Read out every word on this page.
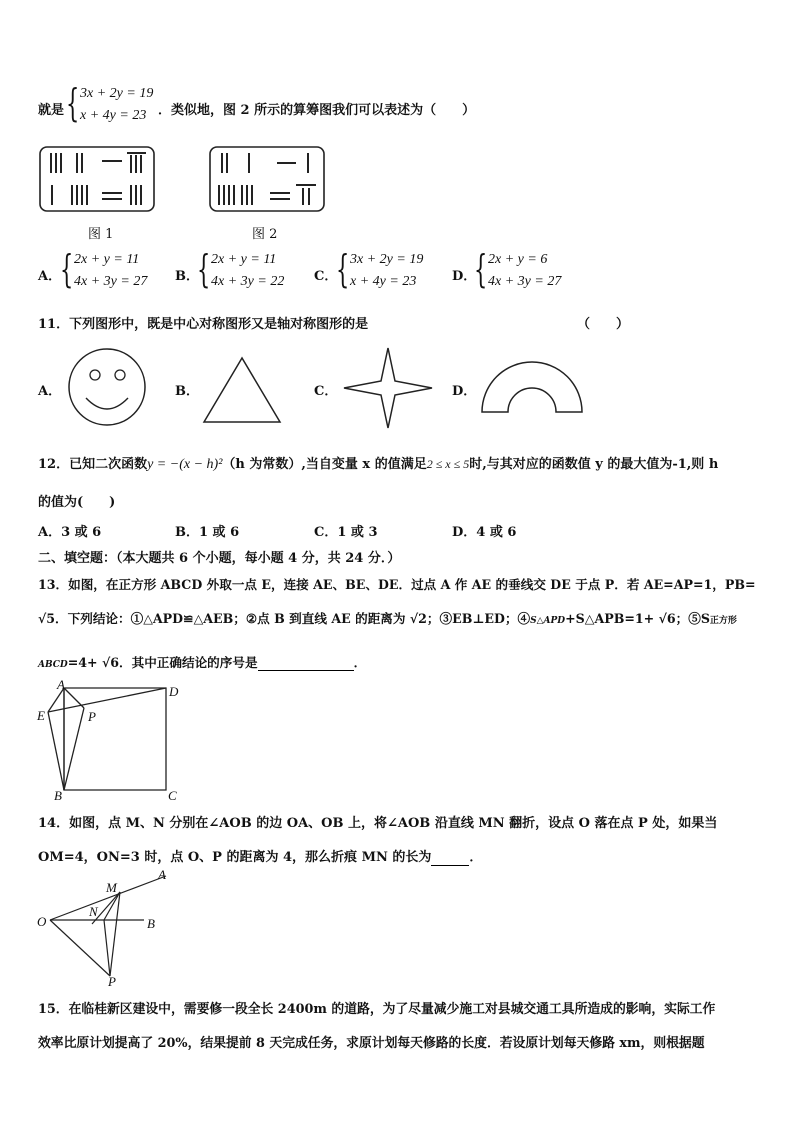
就是 { 3x + 2y = 19
x + 4y = 23 ．类似地，图 2 所示的算筹图我们可以表述为（　　）
图 1	图 2
A．
{ 2x + y = 11
4x + 3y = 27 B．
{ 2x + y = 11
4x + 3y = 22 C．
{ 3x + 2y = 19
x + 4y = 23	D．
{ 2x + y = 6
4x + 3y = 27
11．下列图形中，既是中心对称图形又是轴对称图形的是	（　　）
A．	B．	C．	D．
12．已知二次函数y = −(x − h)²（h 为常数）,当自变量 x 的值满足2 ≤ x ≤ 5时,与其对应的函数值 y 的最大值为-1,则 h
的值为(　　)
A．3 或 6	B．1 或 6	C．1 或 3	D．4 或 6
二、填空题：（本大题共 6 个小题，每小题 4 分，共 24 分．）
13．如图，在正方形 ABCD 外取一点 E，连接 AE、BE、DE．过点 A 作 AE 的垂线交 DE 于点 P．若 AE=AP=1，PB=
√5．下列结论：①△APD≌△AEB；②点 B 到直线 AE 的距离为 √2；③EB⊥ED；④S△APD+S△APB=1+ √6；⑤S正方形
ABCD=4+ √6．其中正确结论的序号是	．
A	D
E	P
B	C
14．如图，点 M、N 分别在∠AOB 的边 OA、OB 上，将∠AOB 沿直线 MN 翻折，设点 O 落在点 P 处，如果当
OM=4，ON=3 时，点 O、P 的距离为 4，那么折痕 MN 的长为	．
M
A
N
O	B
P
15．在临桂新区建设中，需要修一段全长 2400m 的道路，为了尽量减少施工对县城交通工具所造成的影响，实际工作
效率比原计划提高了 20%，结果提前 8 天完成任务，求原计划每天修路的长度．若设原计划每天修路 xm，则根据题
